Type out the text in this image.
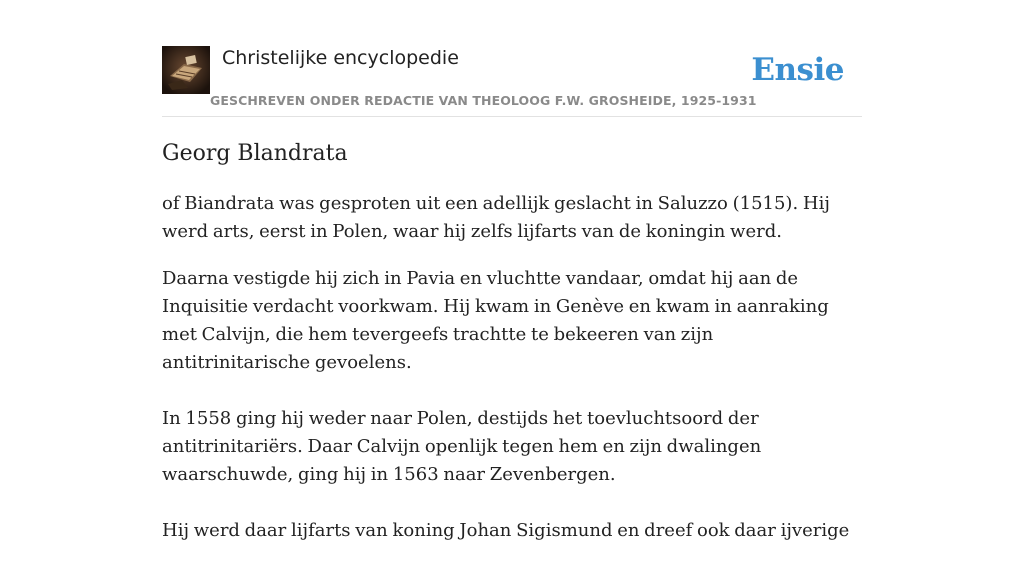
Christelijke encyclopedie
GESCHREVEN ONDER REDACTIE VAN THEOLOOG F.W. GROSHEIDE, 1925-1931
Ensie
Georg Blandrata

of Biandrata was gesproten uit een adellijk geslacht in Saluzzo (1515). Hij werd arts, eerst in Polen, waar hij zelfs lijfarts van de koningin werd.

Daarna vestigde hij zich in Pavia en vluchtte vandaar, omdat hij aan de Inquisitie verdacht voorkwam. Hij kwam in Genève en kwam in aanraking met Calvijn, die hem tevergeefs trachtte te bekeeren van zijn antitrinitarische gevoelens.

In 1558 ging hij weder naar Polen, destijds het toevluchtsoord der antitrinitariërs. Daar Calvijn openlijk tegen hem en zijn dwalingen waarschuwde, ging hij in 1563 naar Zevenbergen.

Hij werd daar lijfarts van koning Johan Sigismund en dreef ook daar ijverige
